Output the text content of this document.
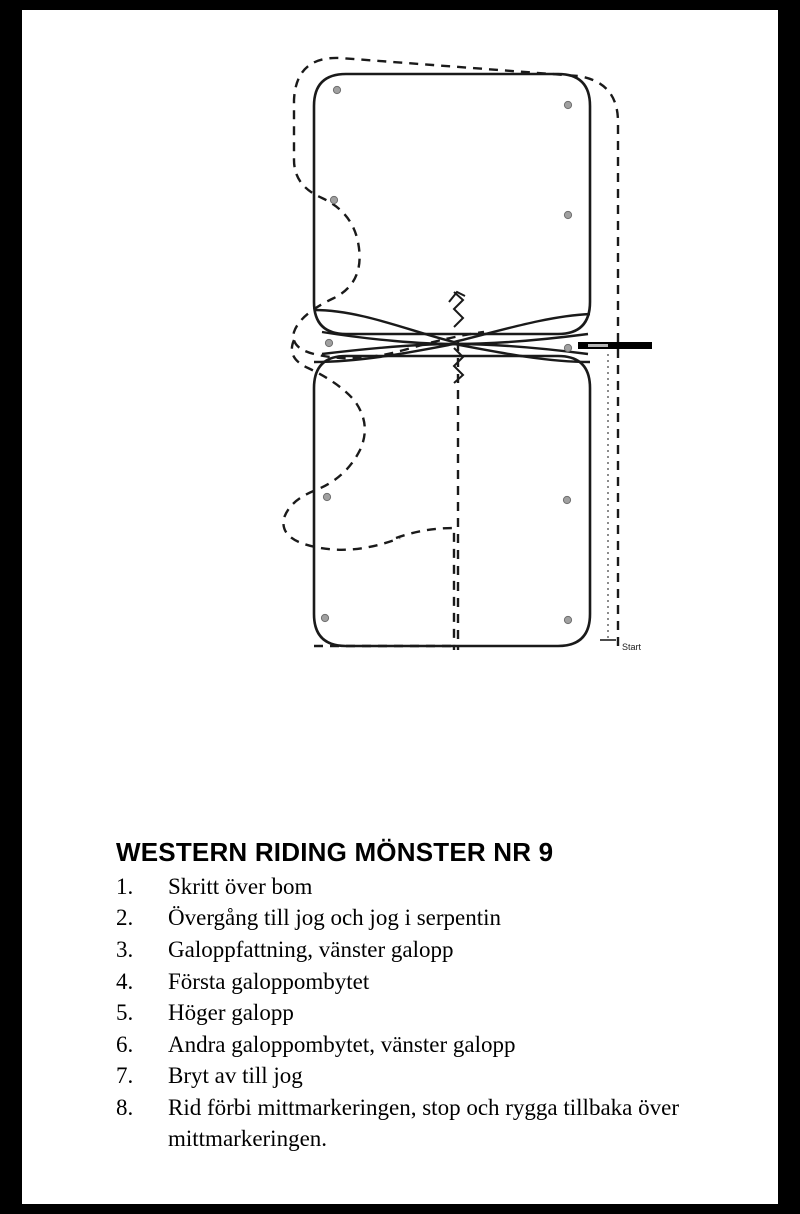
Start
WESTERN RIDING MÖNSTER NR 9
1.	Skritt över bom
2.	Övergång till jog och jog i serpentin
3.	Galoppfattning, vänster galopp
4.	Första galoppombytet
5.	Höger galopp
6.	Andra galoppombytet, vänster galopp
7.	Bryt av till jog
8.	Rid förbi mittmarkeringen, stop och rygga tillbaka över mittmarkeringen.
